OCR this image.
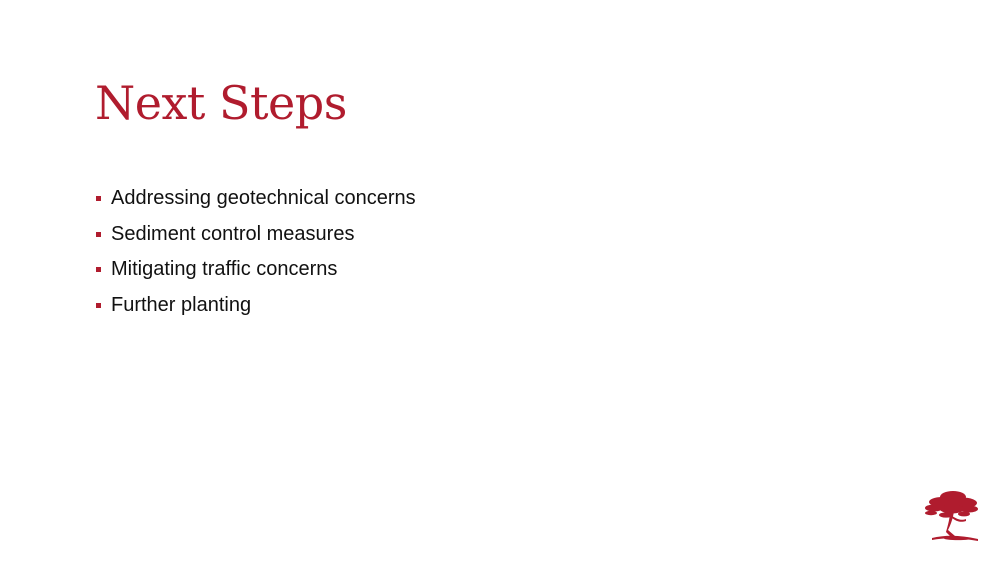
Next Steps
Addressing geotechnical concerns
Sediment control measures
Mitigating traffic concerns
Further planting
